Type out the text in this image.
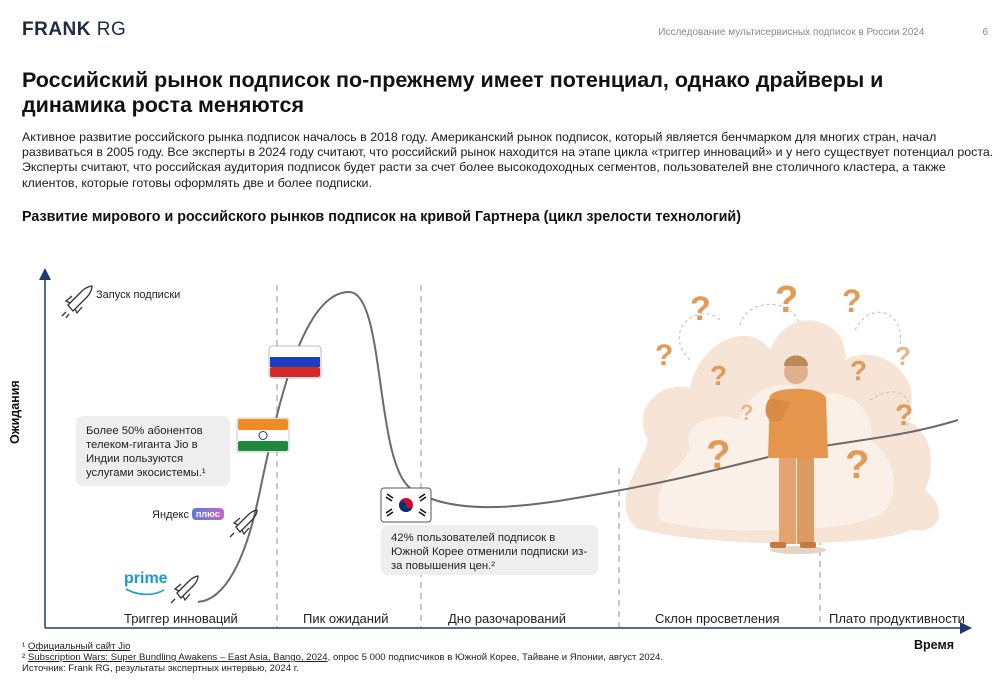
FRANK RG	Исследование мультисервисных подписок в России 2024	6
Российский рынок подписок по-прежнему имеет потенциал, однако драйверы и динамика роста меняются

Активное развитие российского рынка подписок началось в 2018 году. Американский рынок подписок, который является бенчмарком для многих стран, начал развиваться в 2005 году. Все эксперты в 2024 году считают, что российский рынок находится на этапе цикла «триггер инноваций» и у него существует потенциал роста. Эксперты считают, что российская аудитория подписок будет расти за счет более высокодоходных сегментов, пользователей вне столичного кластера, а также клиентов, которые готовы оформлять две и более подписки.

Развитие мирового и российского рынков подписок на кривой Гартнера (цикл зрелости технологий)
? ? ?
?
?
?
?
?
?	?
?
Ожидания
Время
Запуск подписки
prime
Яндекс плюс
Более 50% абонентов телеком-гиганта Jio в Индии пользуются услугами экосистемы.¹
42% пользователей подписок в Южной Корее отменили подписки из-за повышения цен.²
Триггер инноваций	Пик ожиданий	Дно разочарований	Склон просветления	Плато продуктивности
¹ Официальный сайт Jio
² Subscription Wars: Super Bundling Awakens – East Asia, Bango, 2024, опрос 5 000 подписчиков в Южной Корее, Тайване и Японии, август 2024.
Источник: Frank RG, результаты экспертных интервью, 2024 г.
